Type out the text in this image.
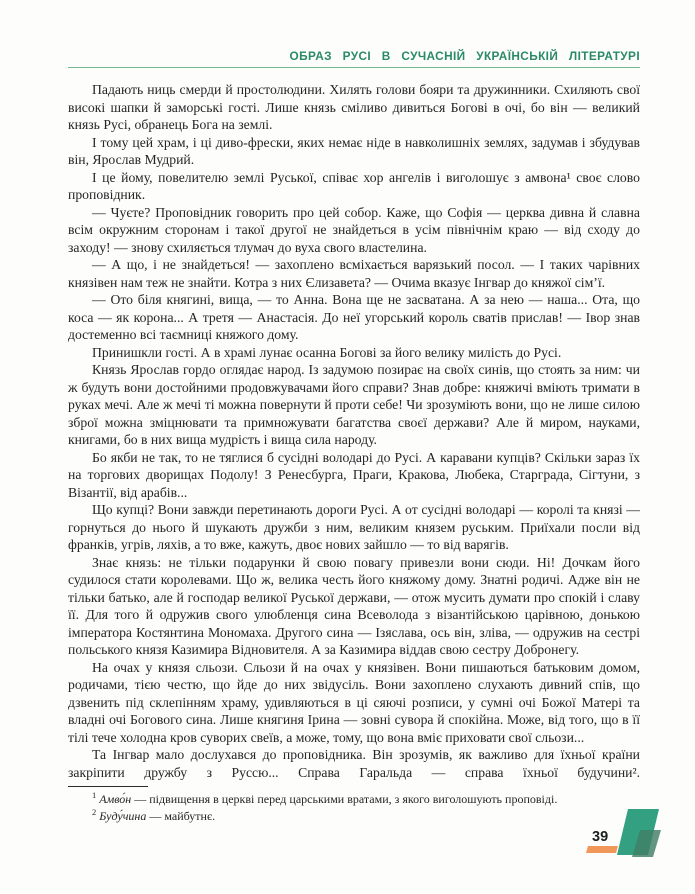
ОБРАЗ РУСІ В СУЧАСНІЙ УКРАЇНСЬКІЙ ЛІТЕРАТУРІ

Падають ниць смерди й простолюдини. Хилять голови бояри та дружинники. Схиляють свої високі шапки й заморські гості. Лише князь сміливо дивиться Богові в очі, бо він — великий князь Русі, обранець Бога на землі.

І тому цей храм, і ці диво-фрески, яких немає ніде в навколишніх землях, задумав і збудував він, Ярослав Мудрий.

І це йому, повелителю землі Руської, співає хор ангелів і виголошує з амвона¹ своє слово проповідник.

— Чуєте? Проповідник говорить про цей собор. Каже, що Софія — церква дивна й славна всім окружним сторонам і такої другої не знайдеться в усім північнім краю — від сходу до заходу! — знову схиляється тлумач до вуха свого властелина.

— А що, і не знайдеться! — захоплено всміхається варязький посол. — І таких чарівних князівен нам теж не знайти. Котра з них Єлизавета? — Очима вказує Інгвар до княжої сім’ї.

— Ото біля княгині, вища, — то Анна. Вона ще не засватана. А за нею — наша... Ота, що коса — як корона... А третя — Анастасія. До неї угорський король сватів прислав! — Івор знав достеменно всі таємниці княжого дому.

Принишкли гості. А в храмі лунає осанна Богові за його велику милість до Русі.

Князь Ярослав гордо оглядає народ. Із задумою позирає на своїх синів, що стоять за ним: чи ж будуть вони достойними продовжувачами його справи? Знав добре: княжичі вміють тримати в руках мечі. Але ж мечі ті можна повернути й проти себе! Чи зрозуміють вони, що не лише силою зброї можна зміцнювати та примножувати багатства своєї держави? Але й миром, науками, книгами, бо в них вища мудрість і вища сила народу.

Бо якби не так, то не тяглися б сусідні володарі до Русі. А каравани купців? Скільки зараз їх на торгових дворищах Подолу! З Ренесбурга, Праги, Кракова, Любека, Старграда, Сігтуни, з Візантії, від арабів...

Що купці? Вони завжди перетинають дороги Русі. А от сусідні володарі — королі та князі — горнуться до нього й шукають дружби з ним, великим князем руським. Приїхали посли від франків, угрів, ляхів, а то вже, кажуть, двоє нових зайшло — то від варягів.

Знає князь: не тільки подарунки й свою повагу привезли вони сюди. Ні! Дочкам його судилося стати королевами. Що ж, велика честь його княжому дому. Знатні родичі. Адже він не тільки батько, але й господар великої Руської держави, — отож мусить думати про спокій і славу її. Для того й одружив свого улюбленця сина Всеволода з візантійською царівною, донькою імператора Костянтина Мономаха. Другого сина — Ізяслава, ось він, зліва, — одружив на сестрі польського князя Казимира Відновителя. А за Казимира віддав свою сестру Добронегу.

На очах у князя сльози. Сльози й на очах у князівен. Вони пишаються батьковим домом, родичами, тією честю, що йде до них звідусіль. Вони захоплено слухають дивний спів, що дзвенить під склепінням храму, удивляються в ці сяючі розписи, у сумні очі Божої Матері та владні очі Богового сина. Лише княгиня Ірина — зовні сувора й спокійна. Може, від того, що в її тілі тече холодна кров суворих свеїв, а може, тому, що вона вміє приховати свої сльози...

Та Інгвар мало дослухався до проповідника. Він зрозумів, як важливо для їхньої країни закріпити дружбу з Руссю... Справа Гаральда — справа їхньої будучини².

$^1$ Амво́н — підвищення в церкві перед царськими вратами, з якого виголошують проповіді.
$^2$ Буду́чина — майбутнє.
39
